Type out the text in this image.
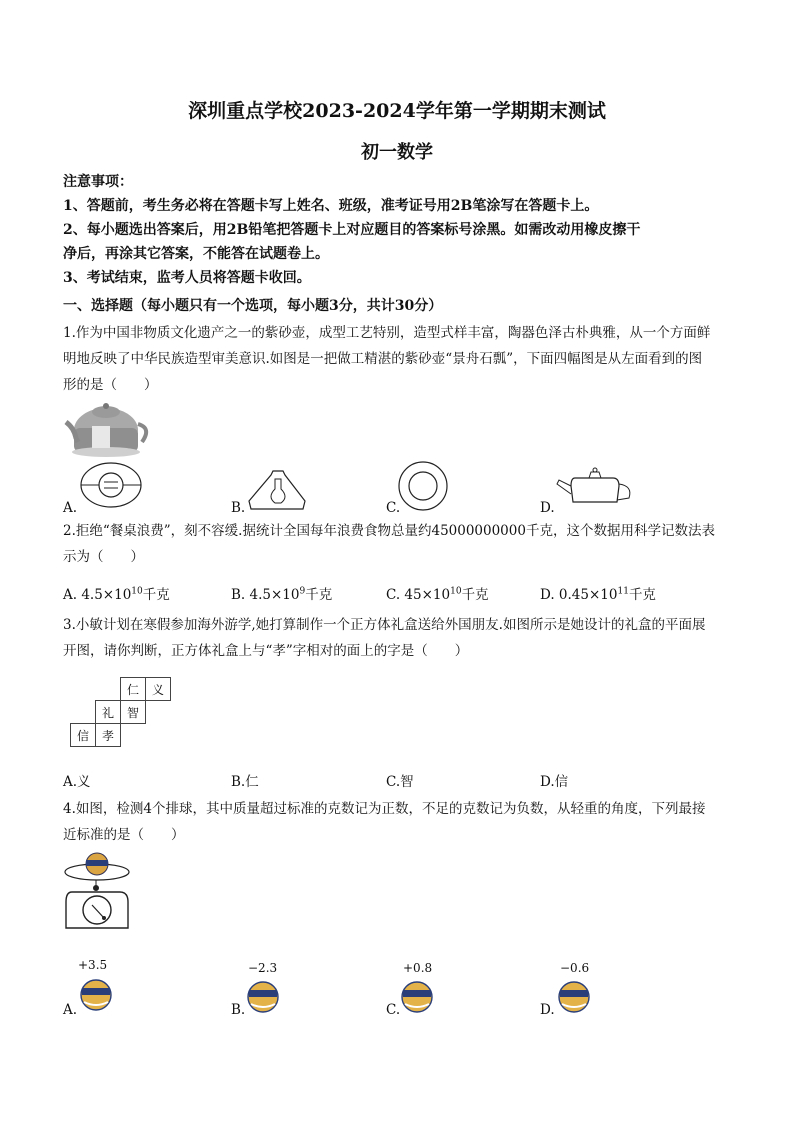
深圳重点学校2023-2024学年第一学期期末测试
初一数学
注意事项：
1、答题前，考生务必将在答题卡写上姓名、班级，准考证号用2B笔涂写在答题卡上。
2、每小题选出答案后，用2B铅笔把答题卡上对应题目的答案标号涂黑。如需改动用橡皮擦干
净后，再涂其它答案，不能答在试题卷上。
3、考试结束，监考人员将答题卡收回。
一、选择题（每小题只有一个选项，每小题3分，共计30分）
1.作为中国非物质文化遗产之一的紫砂壶，成型工艺特别，造型式样丰富，陶器色泽古朴典雅，从一个方面鲜
明地反映了中华民族造型审美意识.如图是一把做工精湛的紫砂壶“景舟石瓢”，下面四幅图是从左面看到的图
形的是（　　）
A.	B.	C.	D.
2.拒绝“餐桌浪费”，刻不容缓.据统计全国每年浪费食物总量约45000000000千克，这个数据用科学记数法表
示为（　　）
A. $4.5\times 10^{10}$千克	B. $4.5\times 10^9$千克	C. $45\times 10^{10}$千克	D. $0.45\times 10^{11}$千克
3.小敏计划在寒假参加海外游学,她打算制作一个正方体礼盒送给外国朋友.如图所示是她设计的礼盒的平面展
开图，请你判断，正方体礼盒上与“孝”字相对的面上的字是（　　）
		仁	义
	礼	智	
信	孝		
A.义	B.仁	C.智	D.信
4.如图，检测4个排球，其中质量超过标准的克数记为正数，不足的克数记为负数，从轻重的角度，下列最接
近标准的是（　　）
+3.5	−2.3	+0.8	−0.6
A.	B.	C.	D.
